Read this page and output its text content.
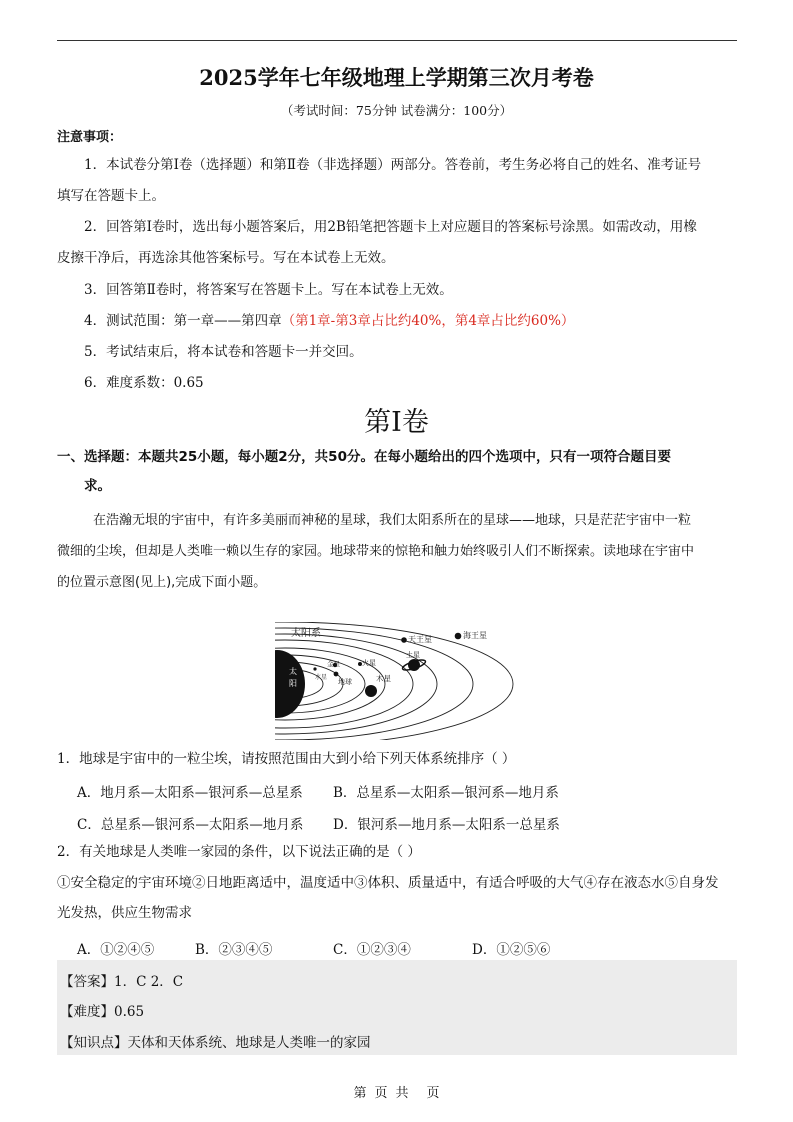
2025学年七年级地理上学期第三次月考卷
（考试时间：75分钟 试卷满分：100分）
注意事项：
1．本试卷分第Ⅰ卷（选择题）和第Ⅱ卷（非选择题）两部分。答卷前，考生务必将自己的姓名、准考证号
填写在答题卡上。
2．回答第Ⅰ卷时，选出每小题答案后，用2B铅笔把答题卡上对应题目的答案标号涂黑。如需改动，用橡
皮擦干净后，再选涂其他答案标号。写在本试卷上无效。
3．回答第Ⅱ卷时，将答案写在答题卡上。写在本试卷上无效。
4．测试范围：第一章——第四章（第1章-第3章占比约40%，第4章占比约60%）
5．考试结束后，将本试卷和答题卡一并交回。
6．难度系数：0.65
第Ⅰ卷
一、选择题：本题共25小题，每小题2分，共50分。在每小题给出的四个选项中，只有一项符合题目要
求。
在浩瀚无垠的宇宙中，有许多美丽而神秘的星球，我们太阳系所在的星球——地球，只是茫茫宇宙中一粒
微细的尘埃，但却是人类唯一赖以生存的家园。地球带来的惊艳和触力始终吸引人们不断探索。读地球在宇宙中
的位置示意图(见上),完成下面小题。
太
阳
太阳系
水星
金星
地球
火星
木星
土星
天王星	海王星
1．地球是宇宙中的一粒尘埃，请按照范围由大到小给下列天体系统排序（ ）
A．地月系—太阳系—银河系—总星系 B．总星系—太阳系—银河系—地月系
C．总星系—银河系—太阳系—地月系 D．银河系—地月系—太阳系一总星系
2．有关地球是人类唯一家园的条件，以下说法正确的是（ ）
①安全稳定的宇宙环境②日地距离适中，温度适中③体积、质量适中，有适合呼吸的大气④存在液态水⑤自身发
光发热，供应生物需求
A．①②④⑤	B．②③④⑤	C．①②③④	D．①②⑤⑥
【答案】1．C 2．C
【难度】0.65
【知识点】天体和天体系统、地球是人类唯一的家园
第 页 共 页
